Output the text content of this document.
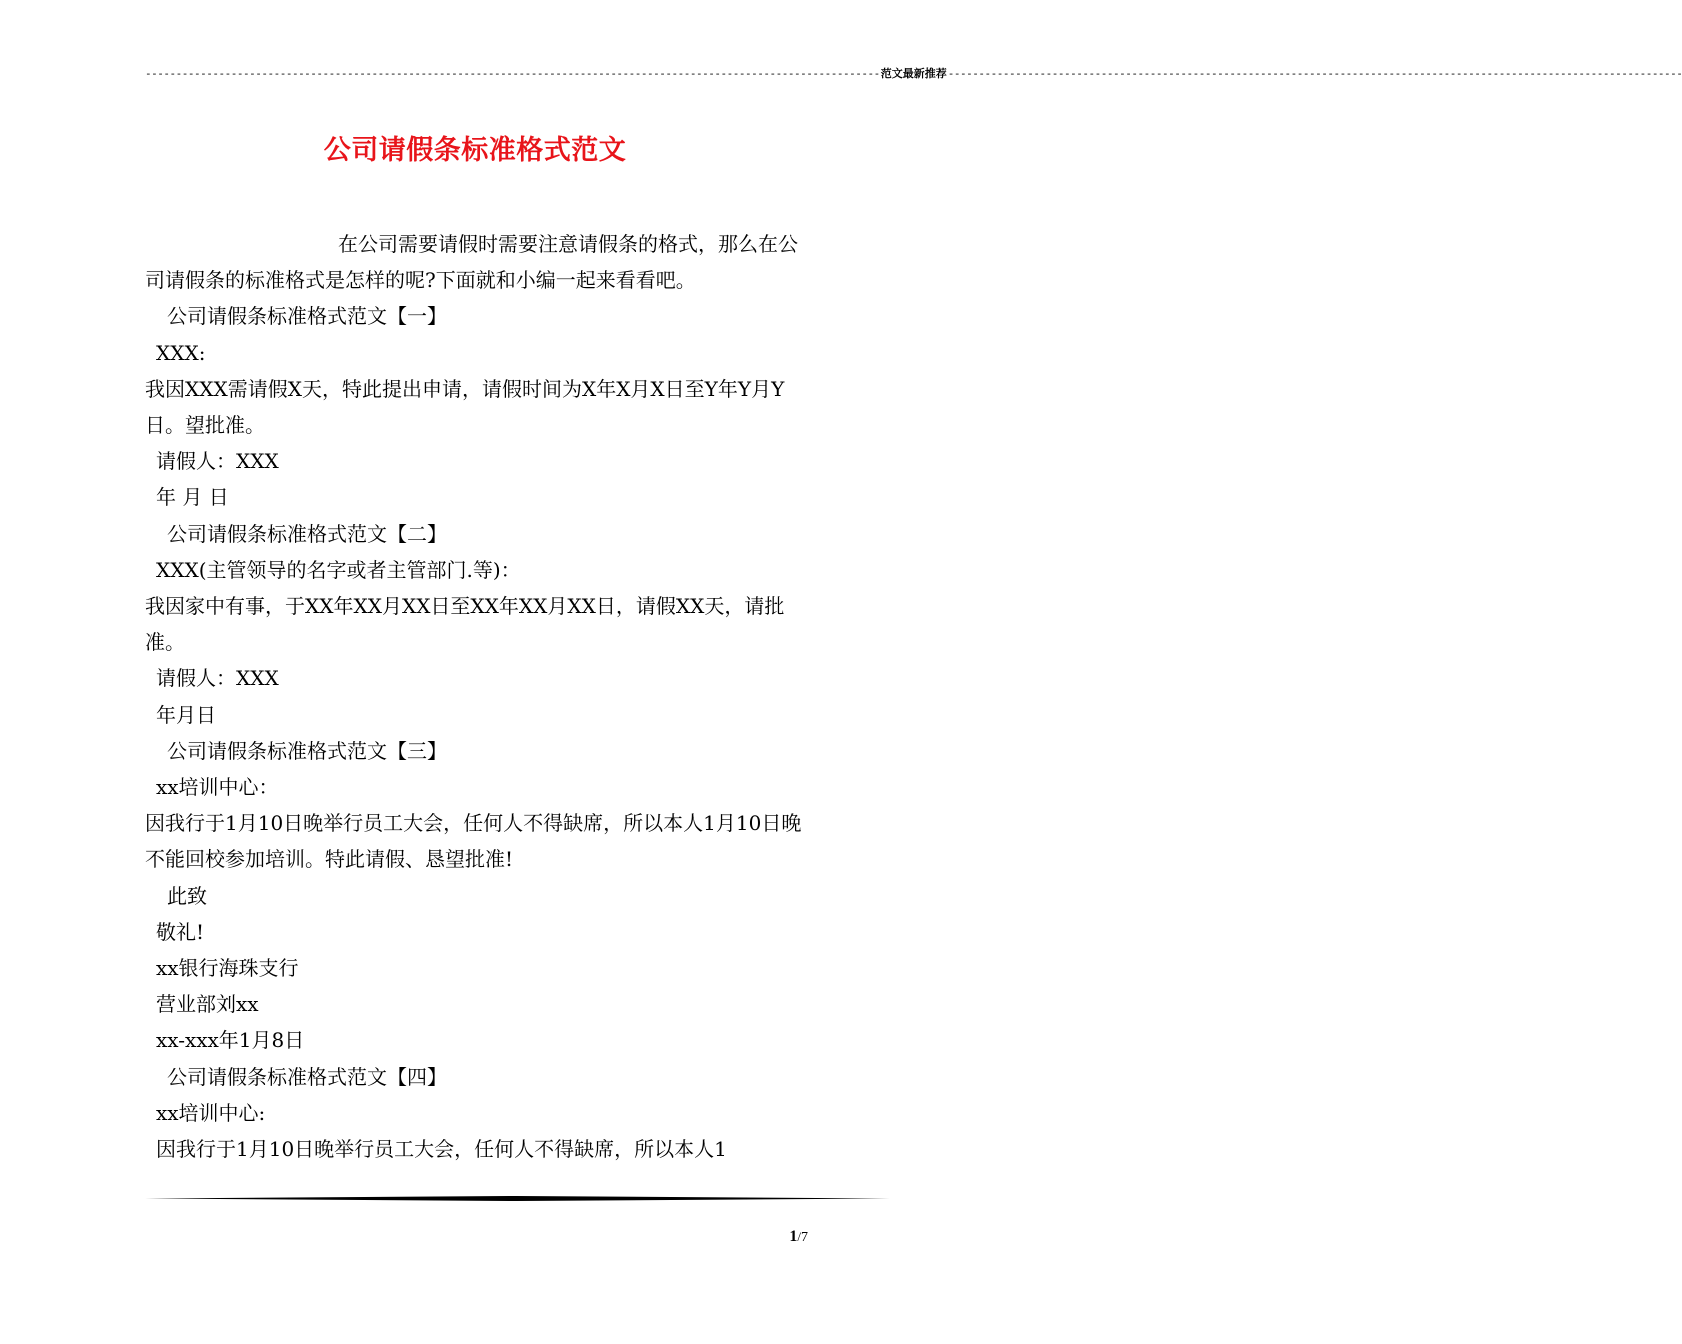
------------------------------------------------------------------------------------------------------------------------ 范文最新推荐 ------------------------------------------------------------------------------------------------------------------------
公司请假条标准格式范文

在公司需要请假时需要注意请假条的格式，那么在公司请假条的标准格式是怎样的呢?下面就和小编一起来看看吧。

公司请假条标准格式范文【一】

XXX:

我因XXX需请假X天，特此提出申请，请假时间为X年X月X日至Y年Y月Y日。望批准。

请假人：XXX

年 月 日

公司请假条标准格式范文【二】

XXX(主管领导的名字或者主管部门.等)：

我因家中有事，于XX年XX月XX日至XX年XX月XX日，请假XX天，请批准。

请假人：XXX

年月日

公司请假条标准格式范文【三】

xx培训中心：

因我行于1月10日晚举行员工大会，任何人不得缺席，所以本人1月10日晚不能回校参加培训。特此请假、恳望批准!

此致

敬礼!

xx银行海珠支行

营业部刘xx

xx-xxx年1月8日

公司请假条标准格式范文【四】

xx培训中心:

因我行于1月10日晚举行员工大会，任何人不得缺席，所以本人1

1/7
